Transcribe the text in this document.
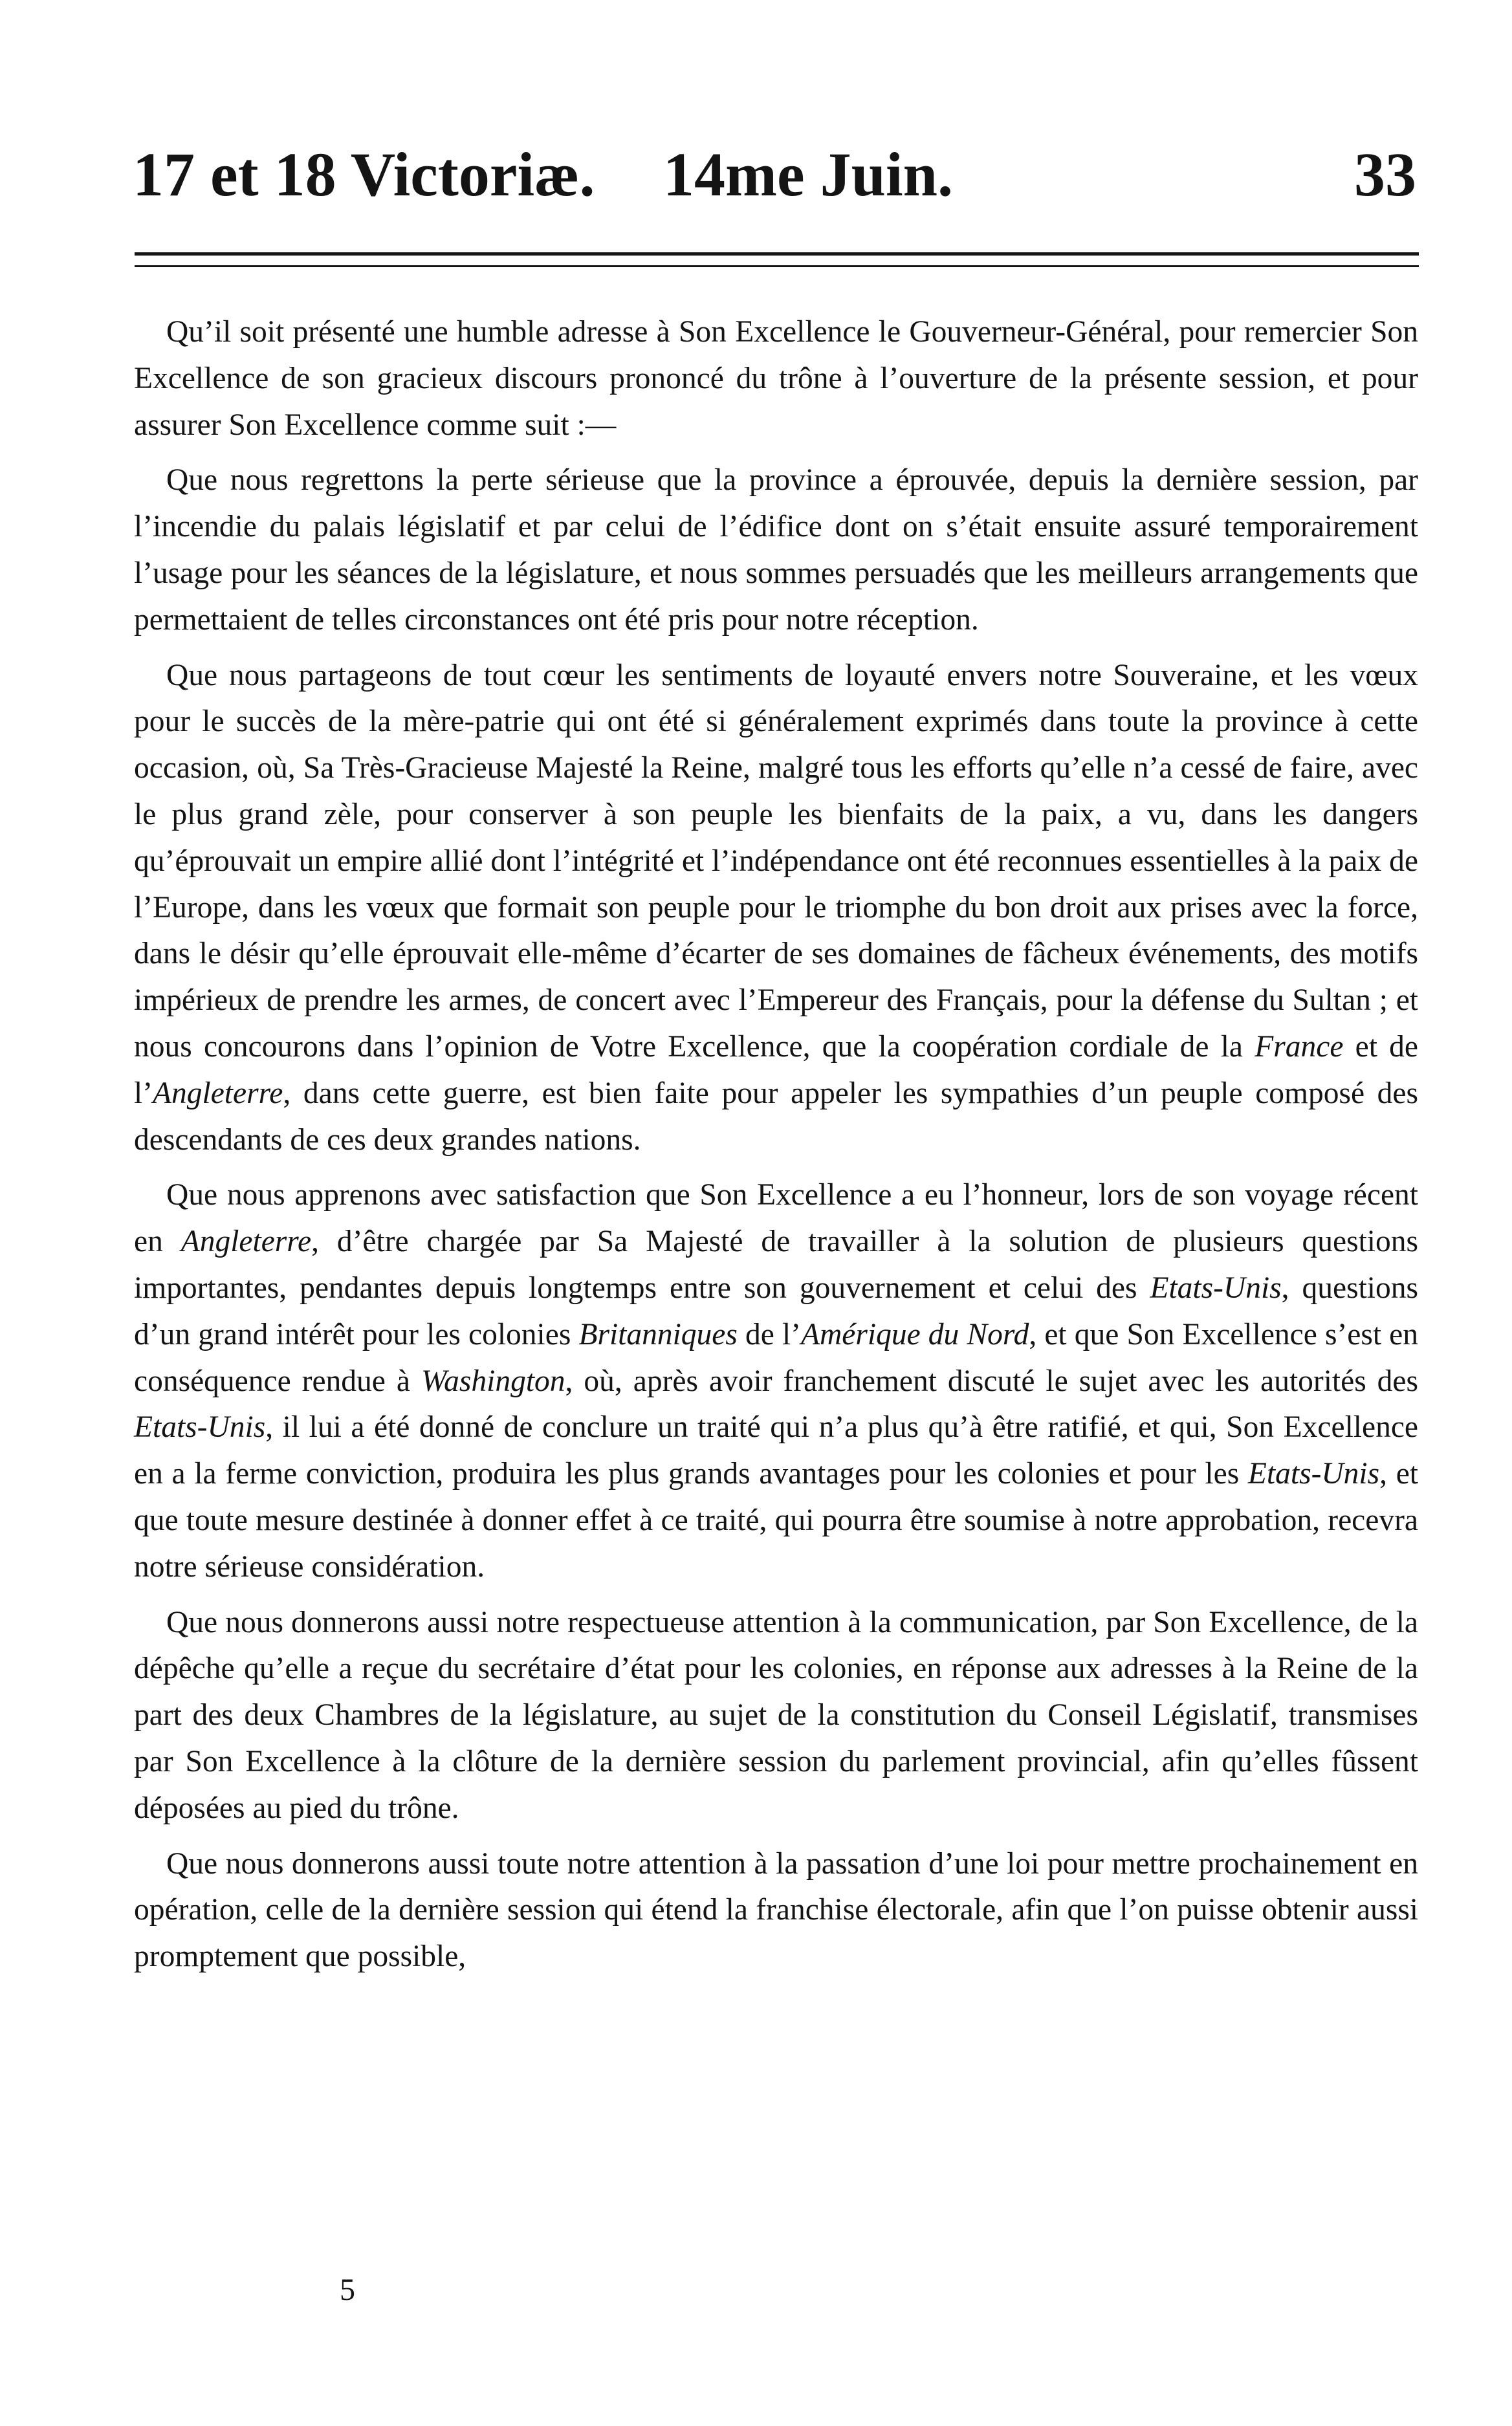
17 et 18 Victoriæ. 14me Juin.	33

Qu’il soit présenté une humble adresse à Son Excellence le Gouverneur-Général, pour remercier Son Excellence de son gracieux discours prononcé du trône à l’ouverture de la présente session, et pour assurer Son Excellence comme suit :—

Que nous regrettons la perte sérieuse que la province a éprouvée, depuis la dernière session, par l’incendie du palais législatif et par celui de l’édifice dont on s’était ensuite assuré temporairement l’usage pour les séances de la législature, et nous sommes persuadés que les meilleurs arrangements que permettaient de telles circonstances ont été pris pour notre réception.

Que nous partageons de tout cœur les sentiments de loyauté envers notre Souveraine, et les vœux pour le succès de la mère-patrie qui ont été si généralement exprimés dans toute la province à cette occasion, où, Sa Très-Gracieuse Majesté la Reine, malgré tous les efforts qu’elle n’a cessé de faire, avec le plus grand zèle, pour conserver à son peuple les bienfaits de la paix, a vu, dans les dangers qu’éprouvait un empire allié dont l’intégrité et l’indépendance ont été reconnues essentielles à la paix de l’Europe, dans les vœux que formait son peuple pour le triomphe du bon droit aux prises avec la force, dans le désir qu’elle éprouvait elle-même d’écarter de ses domaines de fâcheux événements, des motifs impérieux de prendre les armes, de concert avec l’Empereur des Français, pour la défense du Sultan ; et nous concourons dans l’opinion de Votre Excellence, que la coopération cordiale de la France et de l’Angleterre, dans cette guerre, est bien faite pour appeler les sympathies d’un peuple composé des descendants de ces deux grandes nations.

Que nous apprenons avec satisfaction que Son Excellence a eu l’honneur, lors de son voyage récent en Angleterre, d’être chargée par Sa Majesté de travailler à la solution de plusieurs questions importantes, pendantes depuis longtemps entre son gouvernement et celui des Etats-Unis, questions d’un grand intérêt pour les colonies Britanniques de l’Amérique du Nord, et que Son Excellence s’est en conséquence rendue à Washington, où, après avoir franchement discuté le sujet avec les autorités des Etats-Unis, il lui a été donné de conclure un traité qui n’a plus qu’à être ratifié, et qui, Son Excellence en a la ferme conviction, produira les plus grands avantages pour les colonies et pour les Etats-Unis, et que toute mesure destinée à donner effet à ce traité, qui pourra être soumise à notre approbation, recevra notre sérieuse considération.

Que nous donnerons aussi notre respectueuse attention à la communication, par Son Excellence, de la dépêche qu’elle a reçue du secrétaire d’état pour les colonies, en réponse aux adresses à la Reine de la part des deux Chambres de la législature, au sujet de la constitution du Conseil Législatif, transmises par Son Excellence à la clôture de la dernière session du parlement provincial, afin qu’elles fûssent déposées au pied du trône.

Que nous donnerons aussi toute notre attention à la passation d’une loi pour mettre prochainement en opération, celle de la dernière session qui étend la franchise électorale, afin que l’on puisse obtenir aussi promptement que possible,

5
